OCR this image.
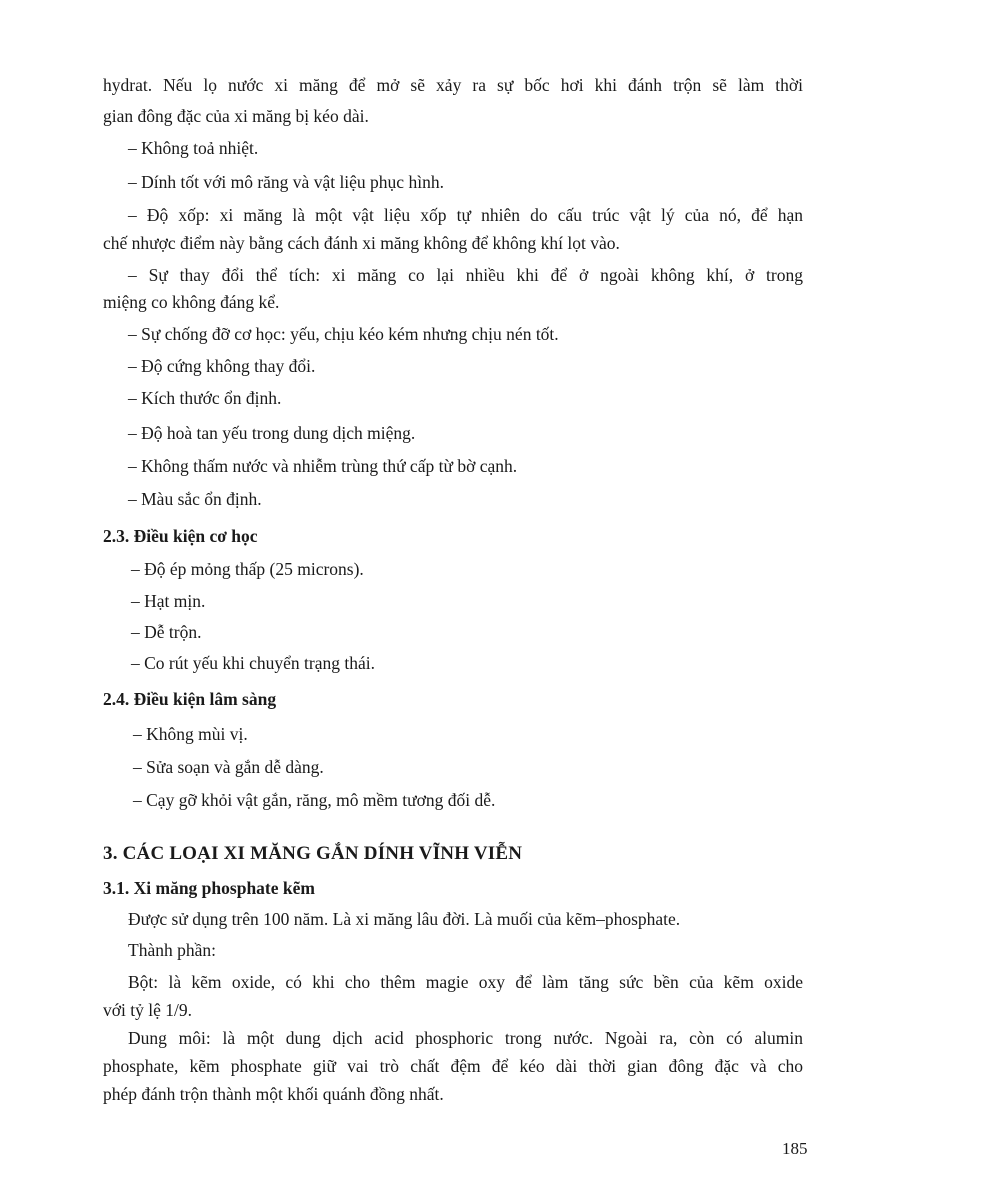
hydrat. Nếu lọ nước xi măng để mở sẽ xảy ra sự bốc hơi khi đánh trộn sẽ làm thời

gian đông đặc của xi măng bị kéo dài.

– Không toả nhiệt.

– Dính tốt với mô răng và vật liệu phục hình.

– Độ xốp: xi măng là một vật liệu xốp tự nhiên do cấu trúc vật lý của nó, để hạn

chế nhược điểm này bằng cách đánh xi măng không để không khí lọt vào.

– Sự thay đổi thể tích: xi măng co lại nhiều khi để ở ngoài không khí, ở trong

miệng co không đáng kể.

– Sự chống đỡ cơ học: yếu, chịu kéo kém nhưng chịu nén tốt.

– Độ cứng không thay đổi.

– Kích thước ổn định.

– Độ hoà tan yếu trong dung dịch miệng.

– Không thấm nước và nhiễm trùng thứ cấp từ bờ cạnh.

– Màu sắc ổn định.

2.3. Điều kiện cơ học

– Độ ép mỏng thấp (25 microns).

– Hạt mịn.

– Dễ trộn.

– Co rút yếu khi chuyển trạng thái.

2.4. Điều kiện lâm sàng

– Không mùi vị.

– Sửa soạn và gắn dễ dàng.

– Cạy gỡ khỏi vật gắn, răng, mô mềm tương đối dễ.

3. CÁC LOẠI XI MĂNG GẮN DÍNH VĨNH VIỄN

3.1. Xi măng phosphate kẽm

Được sử dụng trên 100 năm. Là xi măng lâu đời. Là muối của kẽm–phosphate.

Thành phần:

Bột: là kẽm oxide, có khi cho thêm magie oxy để làm tăng sức bền của kẽm oxide

với tỷ lệ 1/9.

Dung môi: là một dung dịch acid phosphoric trong nước. Ngoài ra, còn có alumin

phosphate, kẽm phosphate giữ vai trò chất đệm để kéo dài thời gian đông đặc và cho

phép đánh trộn thành một khối quánh đồng nhất.

185
